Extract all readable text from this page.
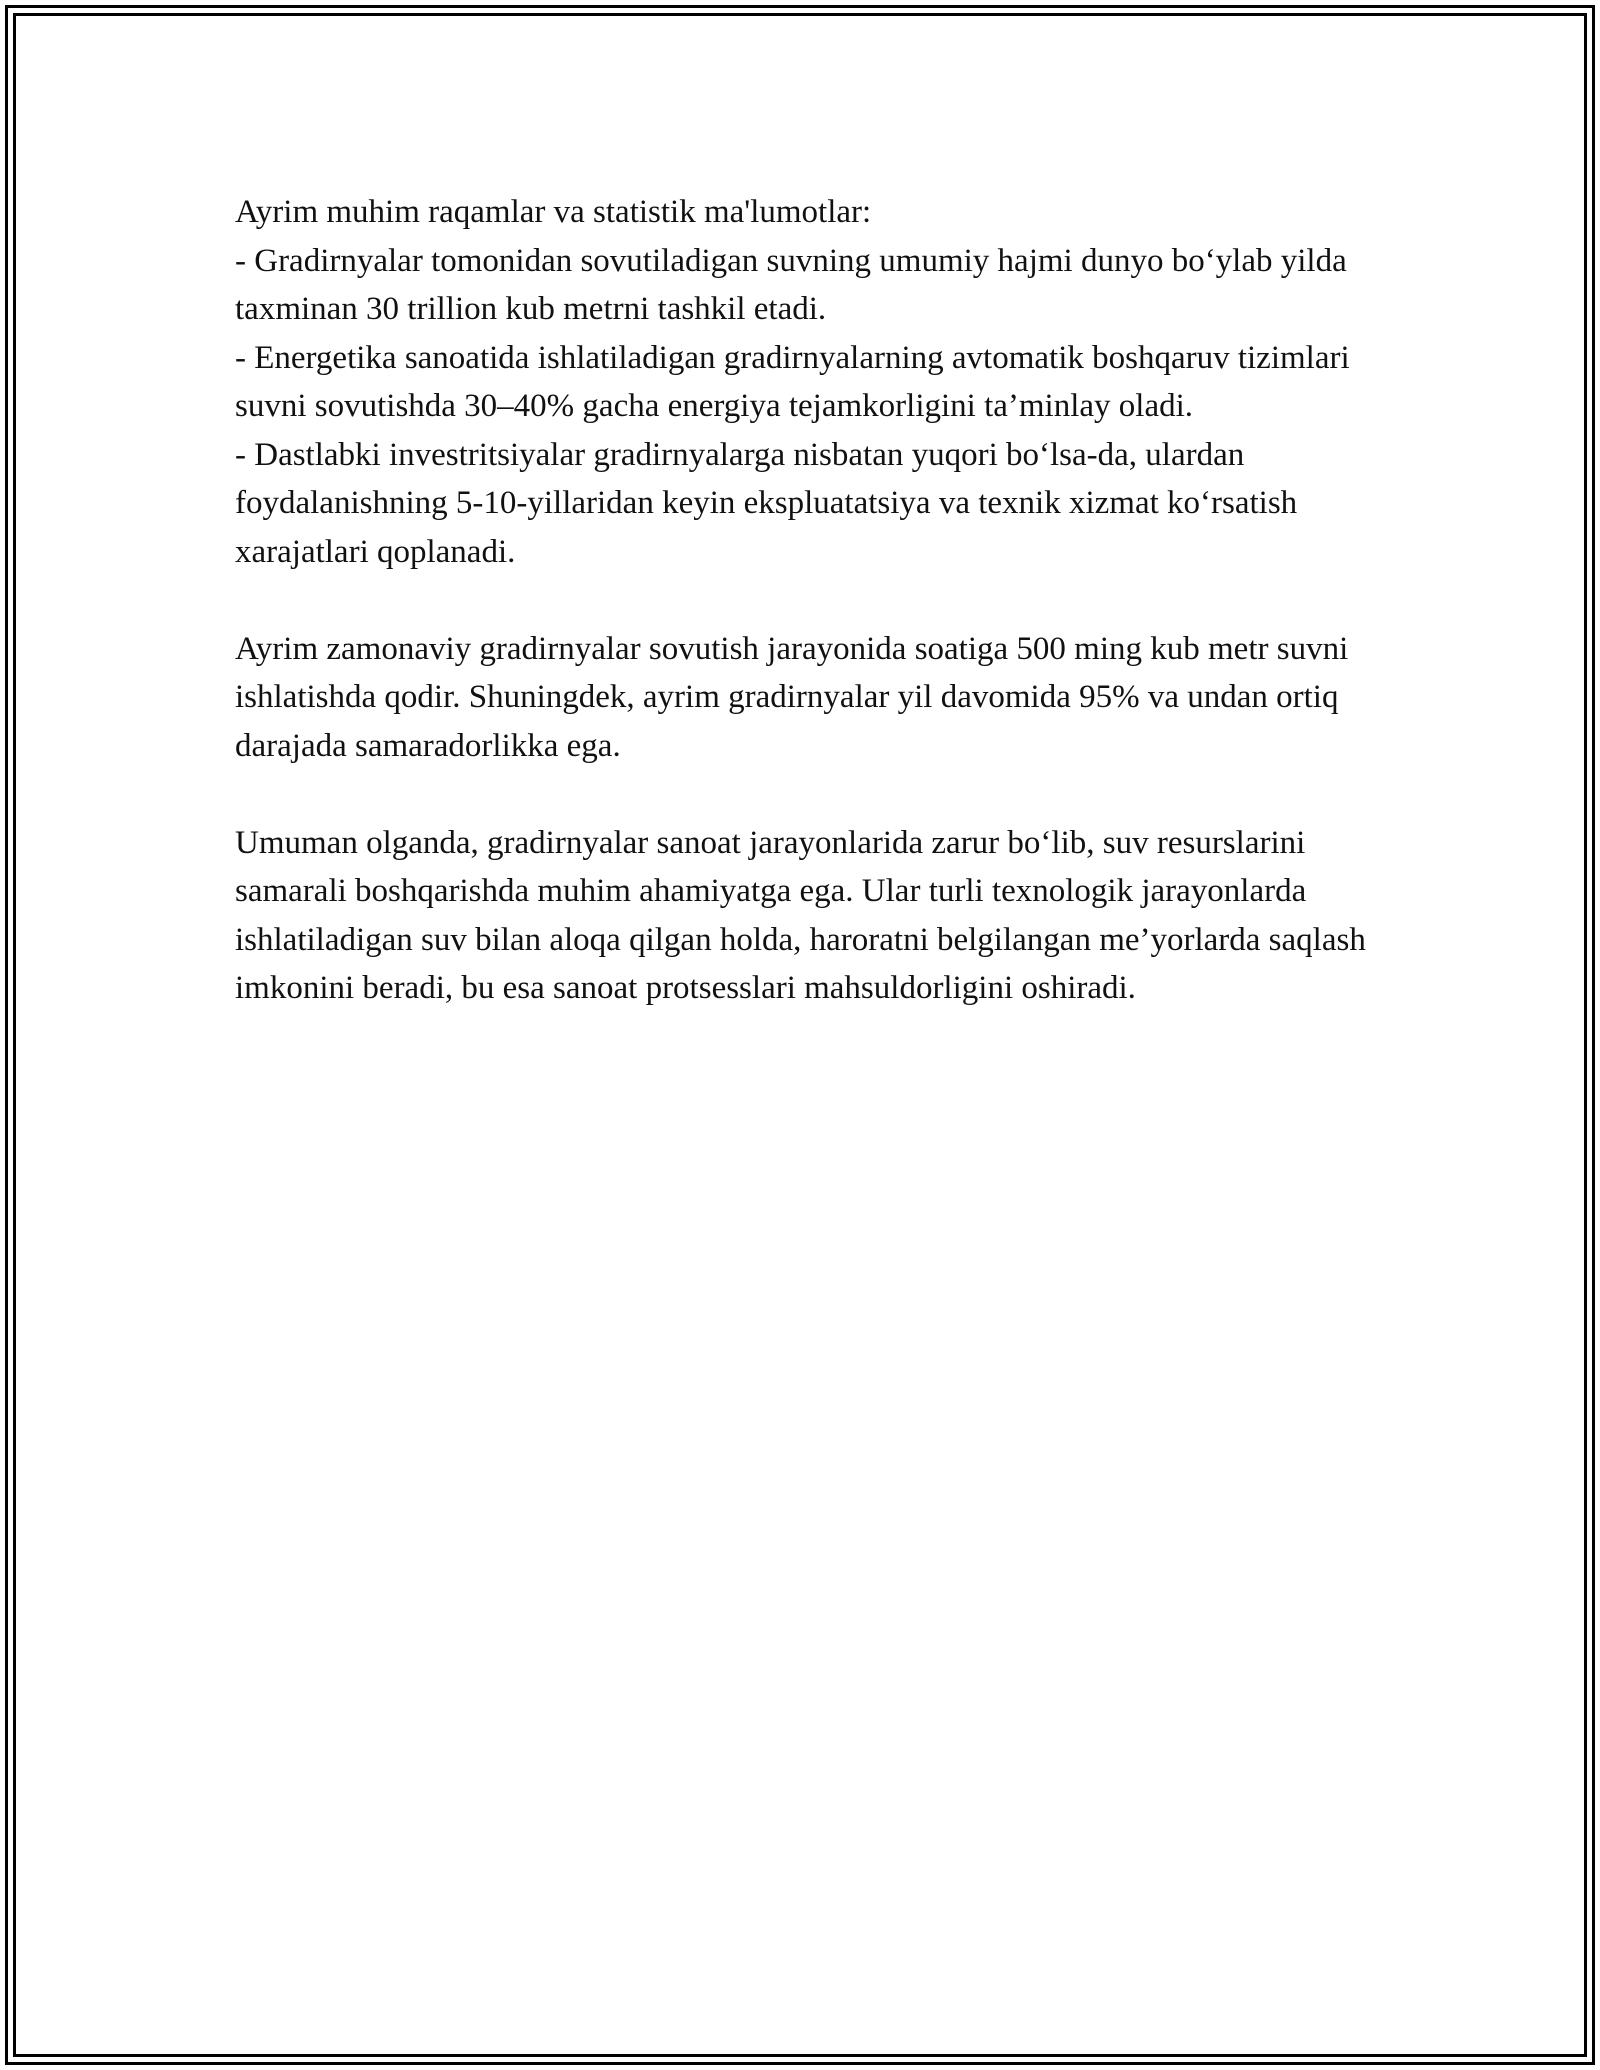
Ayrim muhim raqamlar va statistik ma'lumotlar:

- Gradirnyalar tomonidan sovutiladigan suvning umumiy hajmi dunyo bo‘ylab yilda taxminan 30 trillion kub metrni tashkil etadi.

- Energetika sanoatida ishlatiladigan gradirnyalarning avtomatik boshqaruv tizimlari suvni sovutishda 30–40% gacha energiya tejamkorligini ta’minlay oladi.

- Dastlabki investritsiyalar gradirnyalarga nisbatan yuqori bo‘lsa-da, ulardan foydalanishning 5-10-yillaridan keyin ekspluatatsiya va texnik xizmat ko‘rsatish xarajatlari qoplanadi.

Ayrim zamonaviy gradirnyalar sovutish jarayonida soatiga 500 ming kub metr suvni ishlatishda qodir. Shuningdek, ayrim gradirnyalar yil davomida 95% va undan ortiq darajada samaradorlikka ega.

Umuman olganda, gradirnyalar sanoat jarayonlarida zarur bo‘lib, suv resurslarini samarali boshqarishda muhim ahamiyatga ega. Ular turli texnologik jarayonlarda ishlatiladigan suv bilan aloqa qilgan holda, haroratni belgilangan me’yorlarda saqlash imkonini beradi, bu esa sanoat protsesslari mahsuldorligini oshiradi.
